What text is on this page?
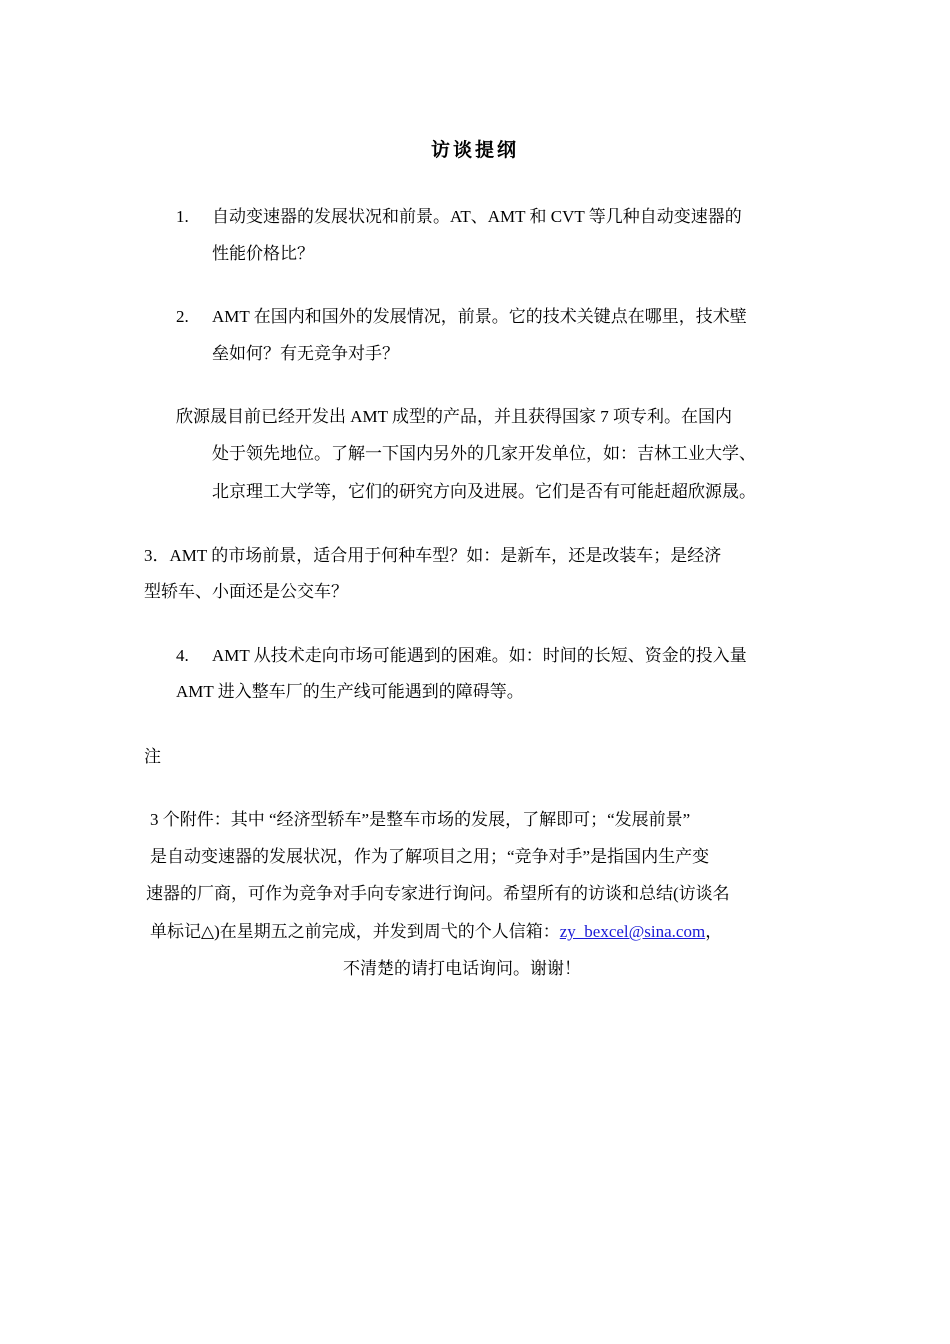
访谈提纲
1. 自动变速器的发展状况和前景。AT、AMT 和 CVT 等几种自动变速器的
性能价格比？
2. AMT 在国内和国外的发展情况，前景。它的技术关键点在哪里，技术壁
垒如何？有无竞争对手？
欣源晟目前已经开发出 AMT 成型的产品，并且获得国家 7 项专利。在国内
处于领先地位。了解一下国内另外的几家开发单位，如：吉林工业大学、
北京理工大学等，它们的研究方向及进展。它们是否有可能赶超欣源晟。
3．AMT 的市场前景，适合用于何种车型？如：是新车，还是改装车；是经济
型轿车、小面还是公交车？
4. AMT 从技术走向市场可能遇到的困难。如：时间的长短、资金的投入量
AMT 进入整车厂的生产线可能遇到的障碍等。
注
3 个附件：其中 “经济型轿车”是整车市场的发展，了解即可；“发展前景”
是自动变速器的发展状况，作为了解项目之用；“竞争对手”是指国内生产变
速器的厂商，可作为竞争对手向专家进行询问。希望所有的访谈和总结(访谈名
单标记△)在星期五之前完成，并发到周弋的个人信箱：zy_bexcel@sina.com，
不清楚的请打电话询问。谢谢！
